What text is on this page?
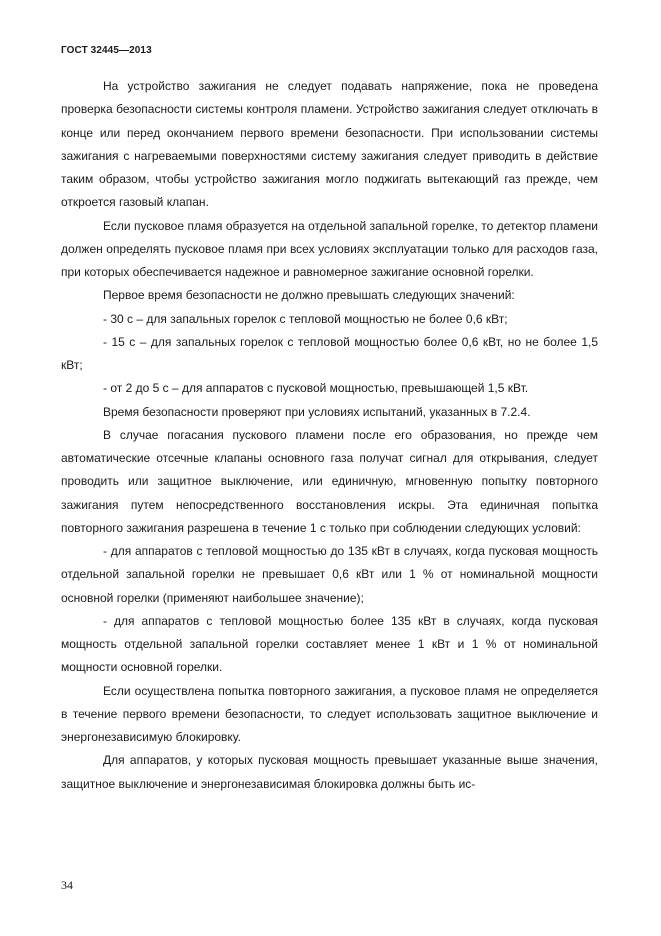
ГОСТ 32445—2013

На устройство зажигания не следует подавать напряжение, пока не проведена проверка безопасности системы контроля пламени. Устройство зажигания следует отключать в конце или перед окончанием первого времени безопасности. При использовании системы зажигания с нагреваемыми поверхностями систему зажигания следует приводить в действие таким образом, чтобы устройство зажигания могло поджигать вытекающий газ прежде, чем откроется газовый клапан.

Если пусковое пламя образуется на отдельной запальной горелке, то детектор пламени должен определять пусковое пламя при всех условиях эксплуатации только для расходов газа, при которых обеспечивается надежное и равномерное зажигание основной горелки.

Первое время безопасности не должно превышать следующих значений:

- 30 с – для запальных горелок с тепловой мощностью не более 0,6 кВт;

- 15 с – для запальных горелок с тепловой мощностью более 0,6 кВт, но не более 1,5 кВт;

- от 2 до 5 с – для аппаратов с пусковой мощностью, превышающей 1,5 кВт.

Время безопасности проверяют при условиях испытаний, указанных в 7.2.4.

В случае погасания пускового пламени после его образования, но прежде чем автоматические отсечные клапаны основного газа получат сигнал для открывания, следует проводить или защитное выключение, или единичную, мгновенную попытку повторного зажигания путем непосредственного восстановления искры. Эта единичная попытка повторного зажигания разрешена в течение 1 с только при соблюдении следующих условий:

- для аппаратов с тепловой мощностью до 135 кВт в случаях, когда пусковая мощность отдельной запальной горелки не превышает 0,6 кВт или 1 % от номинальной мощности основной горелки (применяют наибольшее значение);

- для аппаратов с тепловой мощностью более 135 кВт в случаях, когда пусковая мощность отдельной запальной горелки составляет менее 1 кВт и 1 % от номинальной мощности основной горелки.

Если осуществлена попытка повторного зажигания, а пусковое пламя не определяется в течение первого времени безопасности, то следует использовать защитное выключение и энергонезависимую блокировку.

Для аппаратов, у которых пусковая мощность превышает указанные выше значения, защитное выключение и энергонезависимая блокировка должны быть ис-

34
